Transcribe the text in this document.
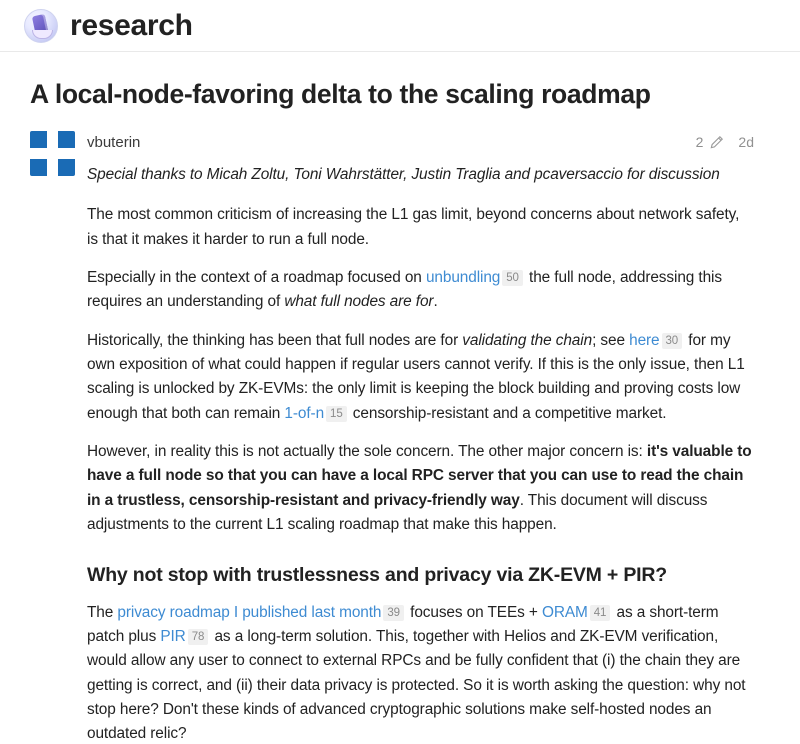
research
A local-node-favoring delta to the scaling roadmap
vbuterin	2	2d

Special thanks to Micah Zoltu, Toni Wahrstätter, Justin Traglia and pcaversaccio for discussion

The most common criticism of increasing the L1 gas limit, beyond concerns about network safety, is that it makes it harder to run a full node.

Especially in the context of a roadmap focused on unbundling 50 the full node, addressing this requires an understanding of what full nodes are for.

Historically, the thinking has been that full nodes are for validating the chain; see here 30 for my own exposition of what could happen if regular users cannot verify. If this is the only issue, then L1 scaling is unlocked by ZK-EVMs: the only limit is keeping the block building and proving costs low enough that both can remain 1-of-n 15 censorship-resistant and a competitive market.

However, in reality this is not actually the sole concern. The other major concern is: it's valuable to have a full node so that you can have a local RPC server that you can use to read the chain in a trustless, censorship-resistant and privacy-friendly way. This document will discuss adjustments to the current L1 scaling roadmap that make this happen.

Why not stop with trustlessness and privacy via ZK-EVM + PIR?

The privacy roadmap I published last month 39 focuses on TEEs + ORAM 41 as a short-term patch plus PIR 78 as a long-term solution. This, together with Helios and ZK-EVM verification, would allow any user to connect to external RPCs and be fully confident that (i) the chain they are getting is correct, and (ii) their data privacy is protected. So it is worth asking the question: why not stop here? Don't these kinds of advanced cryptographic solutions make self-hosted nodes an outdated relic?
